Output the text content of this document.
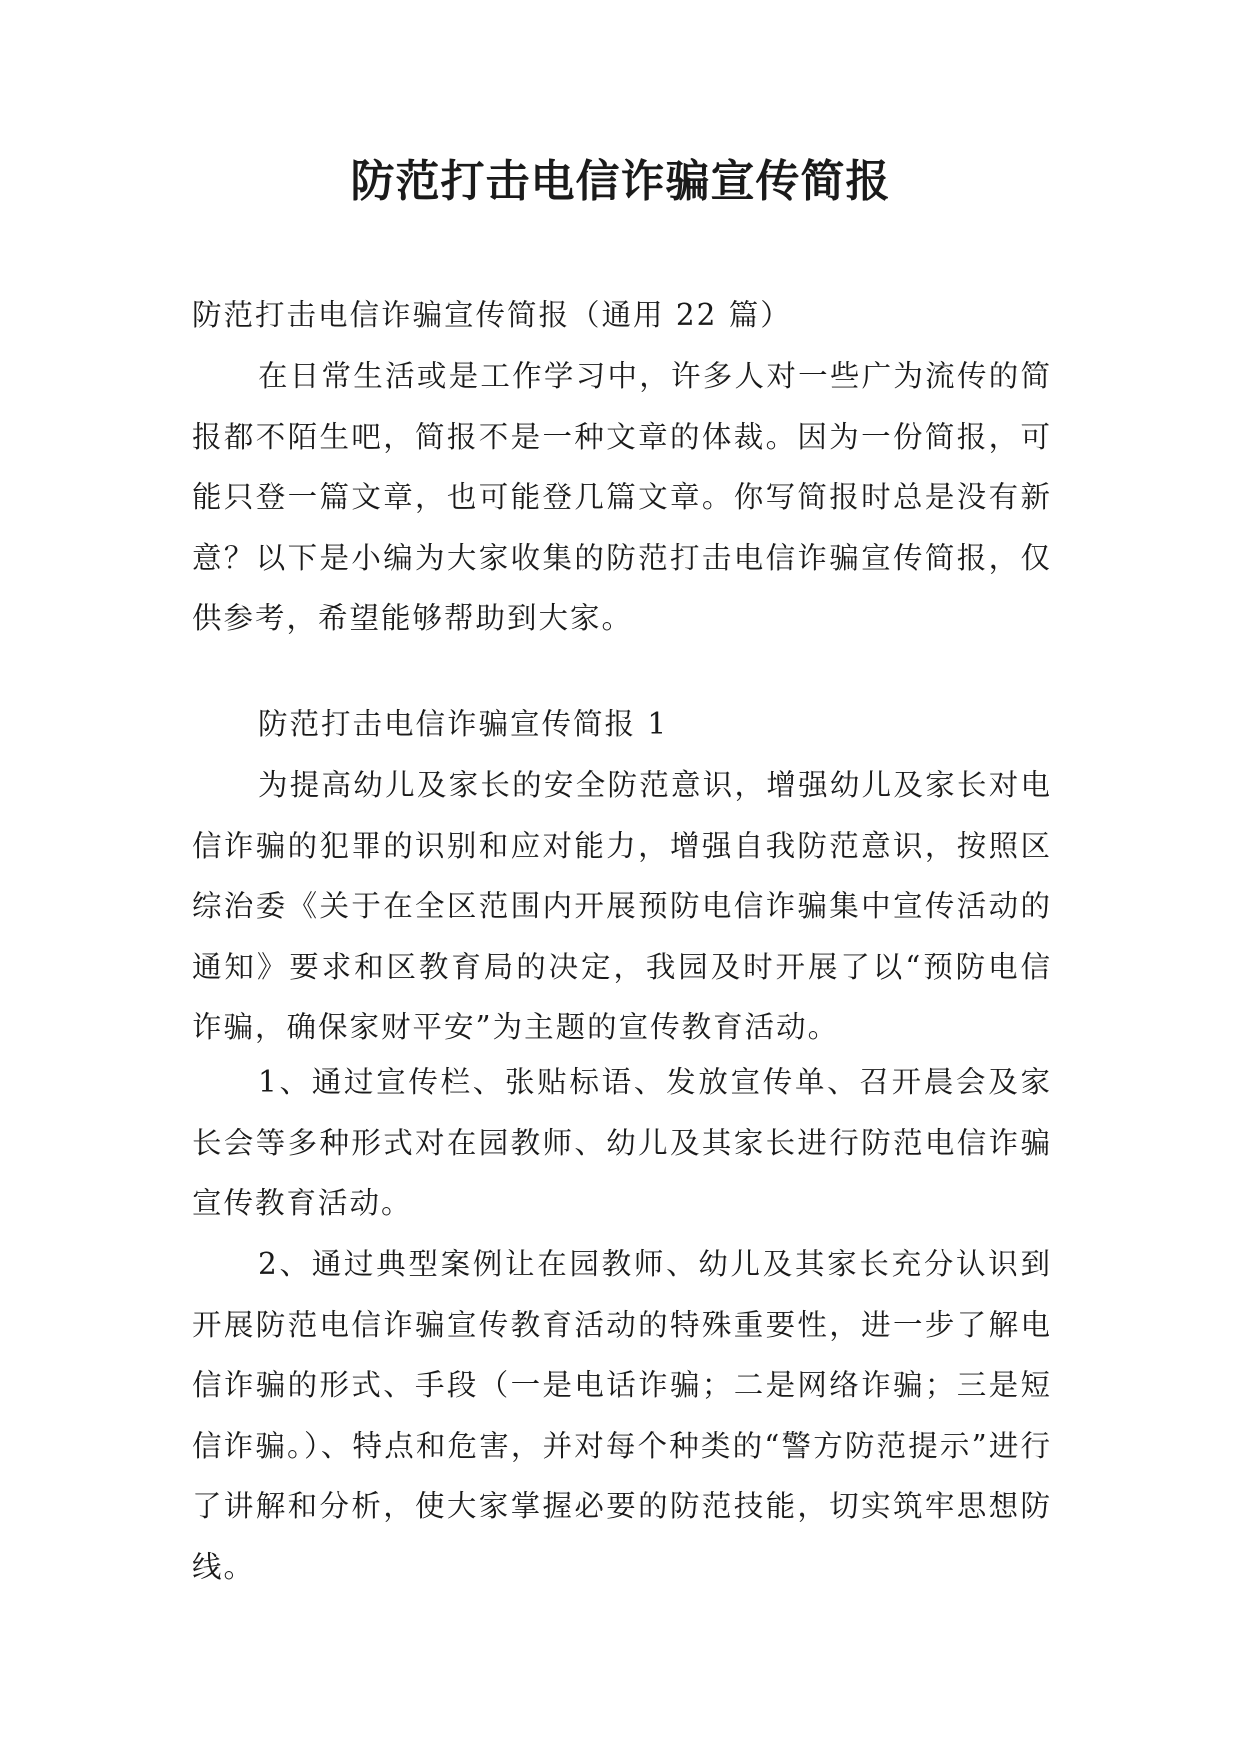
防范打击电信诈骗宣传简报

防范打击电信诈骗宣传简报（通用 22 篇）

在日常生活或是工作学习中，许多人对一些广为流传的简报都不陌生吧，简报不是一种文章的体裁。因为一份简报，可能只登一篇文章，也可能登几篇文章。你写简报时总是没有新意？以下是小编为大家收集的防范打击电信诈骗宣传简报，仅供参考，希望能够帮助到大家。

防范打击电信诈骗宣传简报 1

为提高幼儿及家长的安全防范意识，增强幼儿及家长对电信诈骗的犯罪的识别和应对能力，增强自我防范意识，按照区综治委《关于在全区范围内开展预防电信诈骗集中宣传活动的通知》要求和区教育局的决定，我园及时开展了以“预防电信诈骗，确保家财平安”为主题的宣传教育活动。

1、通过宣传栏、张贴标语、发放宣传单、召开晨会及家长会等多种形式对在园教师、幼儿及其家长进行防范电信诈骗宣传教育活动。

2、通过典型案例让在园教师、幼儿及其家长充分认识到开展防范电信诈骗宣传教育活动的特殊重要性，进一步了解电信诈骗的形式、手段（一是电话诈骗；二是网络诈骗；三是短信诈骗。）、特点和危害，并对每个种类的“警方防范提示”进行了讲解和分析，使大家掌握必要的防范技能，切实筑牢思想防线。
